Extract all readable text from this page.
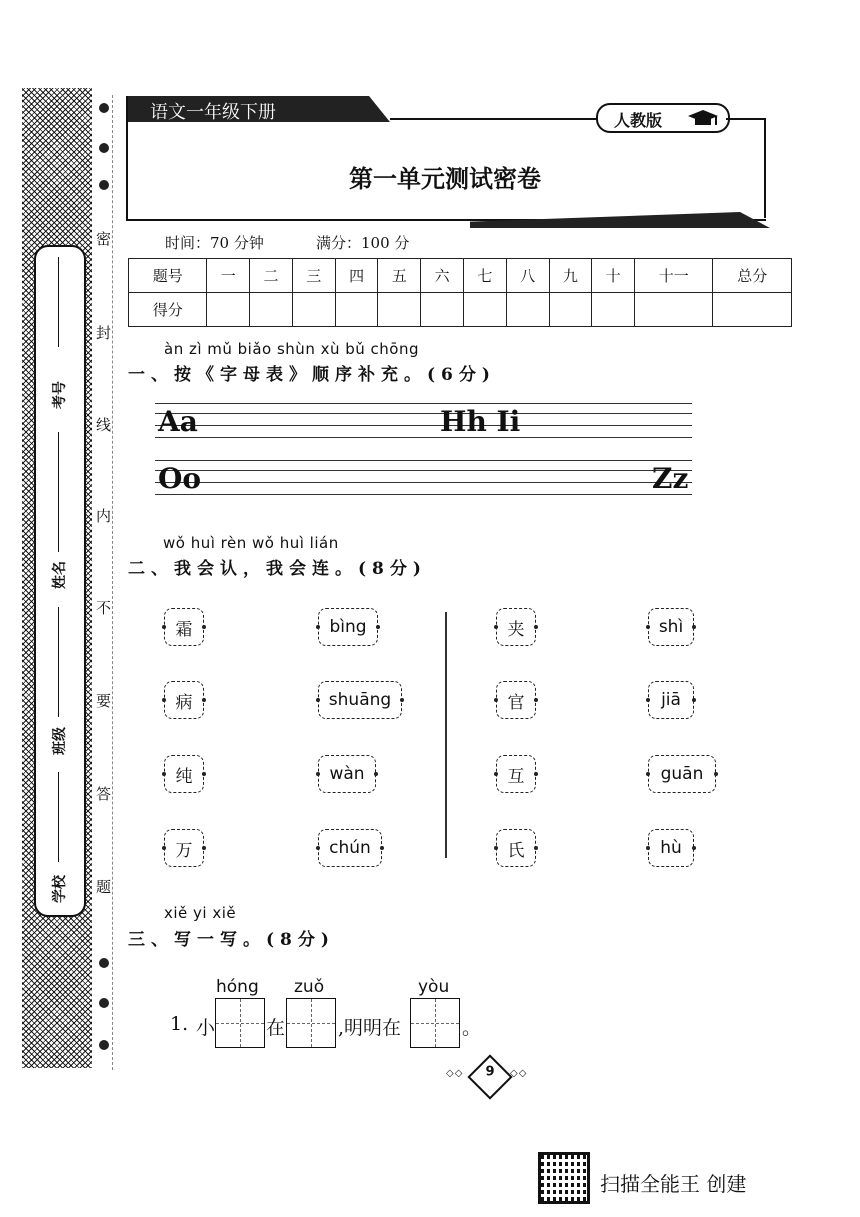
考号
姓名
班级
学校
密
封
线
内
不
要
答
题
语文一年级下册	人教版
第一单元测试密卷
时间：70 分钟	满分：100 分
题号	一	二	三	四	五	六	七	八	九	十	十一	总分
得分												
àn zì mǔ biǎo shùn xù bǔ chōng
一、按《字母表》顺序补充。(6分)
Aa	Hh Ii
Oo	Zz
wǒ huì rèn wǒ huì lián
二、我会认，我会连。(8分)
霜
病
纯
万
bìng
shuāng
wàn
chún
夹
官
互
氏
shì
jiā
guān
hù
xiě yi xiě
三、写一写。(8分)
hóng zuǒ	yòu
1. 小	在	,明明在	。
◇◇ 9 ◇◇
扫描全能王 创建
